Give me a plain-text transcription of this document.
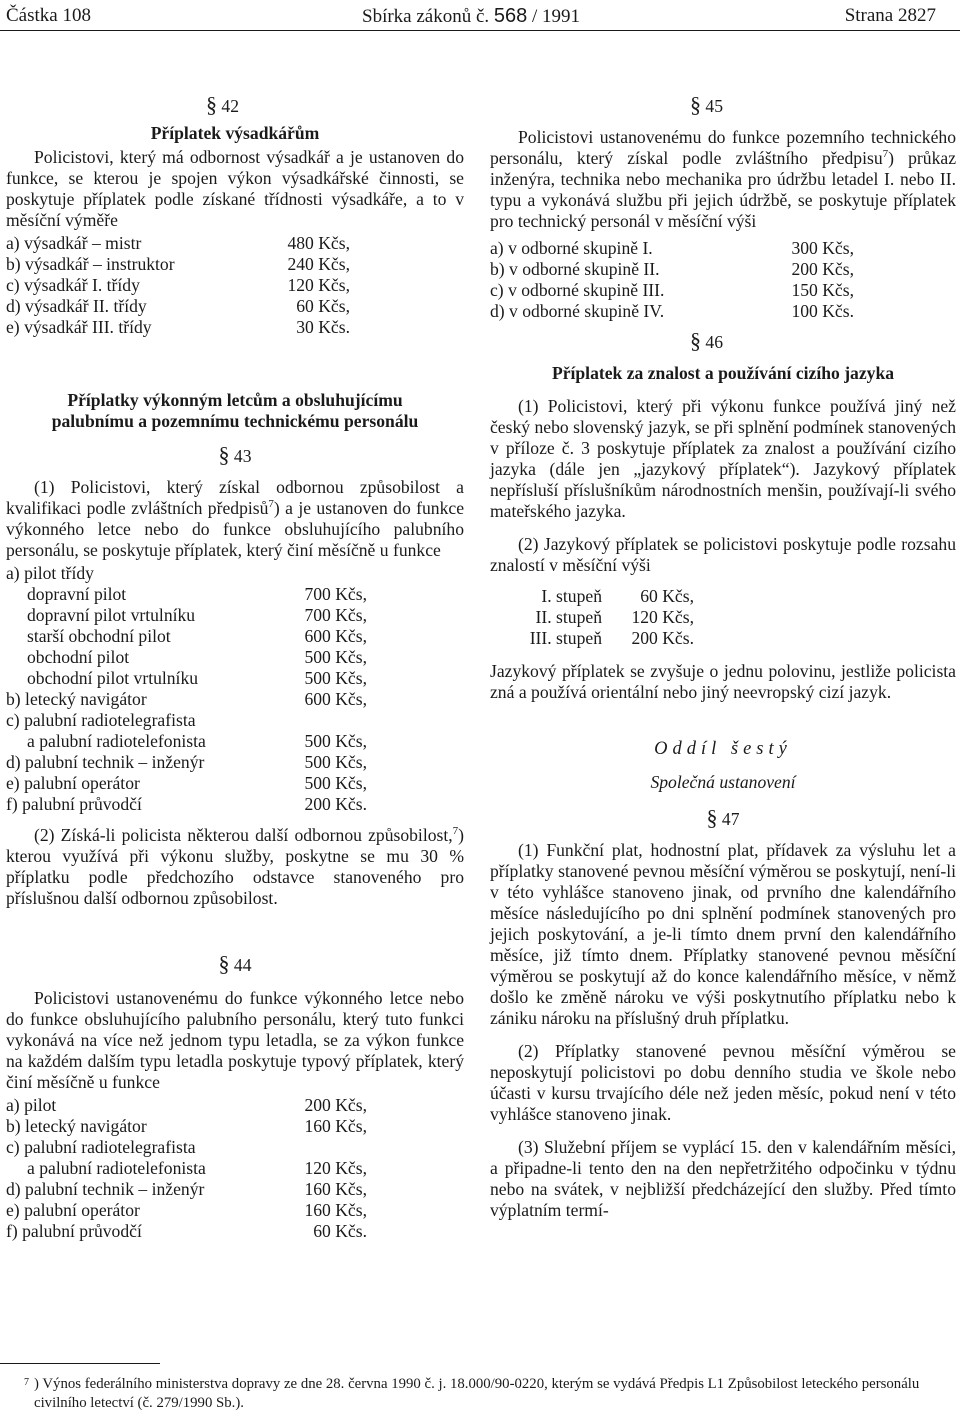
Částka 108	Sbírka zákonů č. 568 / 1991	Strana 2827
§ 42
Příplatek výsadkářům

Policistovi, který má odbornost výsadkář a je ustanoven do funkce, se kterou je spojen výkon výsadkářské činnosti, se poskytuje příplatek podle získané třídnosti výsadkáře, a to v měsíční výměře

a) výsadkář – mistr	480 Kčs,
b) výsadkář – instruktor	240 Kčs,
c) výsadkář I. třídy	120 Kčs,
d) výsadkář II. třídy	60 Kčs,
e) výsadkář III. třídy	30 Kčs.
Příplatky výkonným letcům a obsluhujícímu
palubnímu a pozemnímu technickému personálu
§ 43

(1) Policistovi, který získal odbornou způsobilost a kvalifikaci podle zvláštních předpisů$^7$) a je ustanoven do funkce výkonného letce nebo do funkce obsluhujícího palubního personálu, se poskytuje příplatek, který činí měsíčně u funkce

a) pilot třídy
dopravní pilot	700 Kčs,
dopravní pilot vrtulníku	700 Kčs,
starší obchodní pilot	600 Kčs,
obchodní pilot	500 Kčs,
obchodní pilot vrtulníku	500 Kčs,
b) letecký navigátor	600 Kčs,
c) palubní radiotelegrafista
a palubní radiotelefonista	500 Kčs,
d) palubní technik – inženýr	500 Kčs,
e) palubní operátor	500 Kčs,
f) palubní průvodčí	200 Kčs.

(2) Získá-li policista některou další odbornou způsobilost,$^7$) kterou využívá při výkonu služby, poskytne se mu 30 % příplatku podle předchozího odstavce stanoveného pro příslušnou další odbornou způsobilost.

§ 44

Policistovi ustanovenému do funkce výkonného letce nebo do funkce obsluhujícího palubního personálu, který tuto funkci vykonává na více než jednom typu letadla, se za výkon funkce na každém dalším typu letadla poskytuje typový příplatek, který činí měsíčně u funkce

a) pilot	200 Kčs,
b) letecký navigátor	160 Kčs,
c) palubní radiotelegrafista
a palubní radiotelefonista	120 Kčs,
d) palubní technik – inženýr	160 Kčs,
e) palubní operátor	160 Kčs,
f) palubní průvodčí	60 Kčs.
§ 45

Policistovi ustanovenému do funkce pozemního technického personálu, který získal podle zvláštního předpisu$^7$) průkaz inženýra, technika nebo mechanika pro údržbu letadel I. nebo II. typu a vykonává službu při jejich údržbě, se poskytuje příplatek pro technický personál v měsíční výši

a) v odborné skupině I.	300 Kčs,
b) v odborné skupině II.	200 Kčs,
c) v odborné skupině III.	150 Kčs,
d) v odborné skupině IV.	100 Kčs.
§ 46
Příplatek za znalost a používání cizího jazyka

(1) Policistovi, který při výkonu funkce používá jiný než český nebo slovenský jazyk, se při splnění podmínek stanovených v příloze č. 3 poskytuje příplatek za znalost a používání cizího jazyka (dále jen „jazykový příplatek“). Jazykový příplatek nepřísluší příslušníkům národnostních menšin, používají-li svého mateřského jazyka.

(2) Jazykový příplatek se policistovi poskytuje podle rozsahu znalostí v měsíční výši

I. stupeň	60 Kčs,
II. stupeň	120 Kčs,
III. stupeň	200 Kčs.

Jazykový příplatek se zvyšuje o jednu polovinu, jestliže policista zná a používá orientální nebo jiný neevropský cizí jazyk.

Oddíl šestý
Společná ustanovení
§ 47

(1) Funkční plat, hodnostní plat, přídavek za výsluhu let a příplatky stanovené pevnou měsíční výměrou se poskytují, není-li v této vyhlášce stanoveno jinak, od prvního dne kalendářního měsíce následujícího po dni splnění podmínek stanovených pro jejich poskytování, a je-li tímto dnem první den kalendářního měsíce, již tímto dnem. Příplatky stanovené pevnou měsíční výměrou se poskytují až do konce kalendářního měsíce, v němž došlo ke změně nároku ve výši poskytnutího příplatku nebo k zániku nároku na příslušný druh příplatku.

(2) Příplatky stanovené pevnou měsíční výměrou se neposkytují policistovi po dobu denního studia ve škole nebo účasti v kursu trvajícího déle než jeden měsíc, pokud není v této vyhlášce stanoveno jinak.

(3) Služební příjem se vyplácí 15. den v kalendářním měsíci, a připadne-li tento den na den nepřetržitého odpočinku v týdnu nebo na svátek, v nejbližší předcházející den služby. Před tímto výplatním termí-

7 ) Výnos federálního ministerstva dopravy ze dne 28. června 1990 č. j. 18.000/90-0220, kterým se vydává Předpis L1 Způsobilost leteckého personálu civilního letectví (č. 279/1990 Sb.).
